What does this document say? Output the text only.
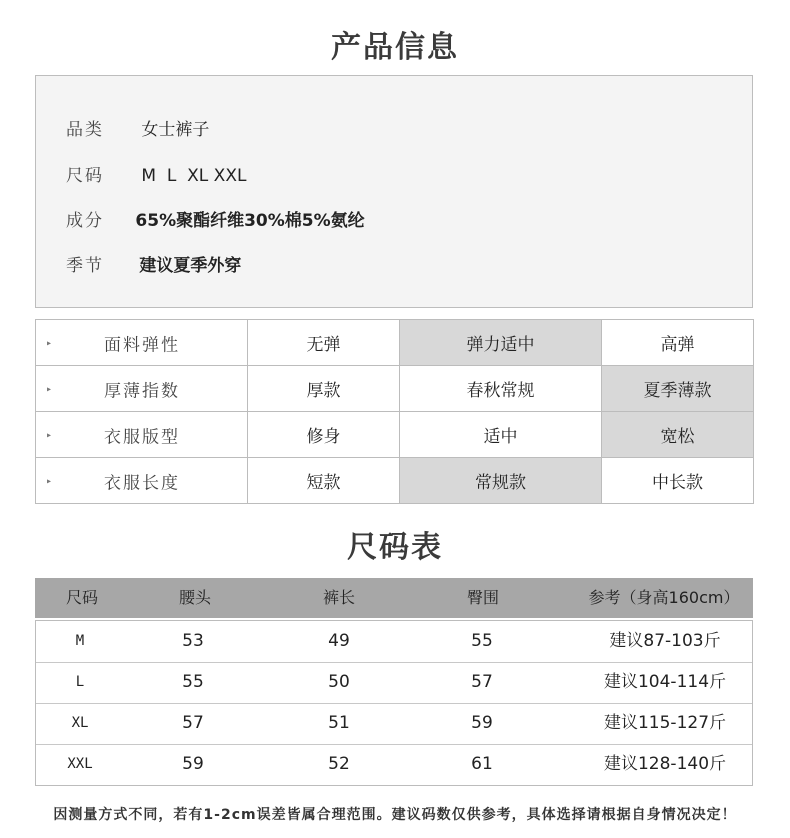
产品信息
品类 女士裤子
尺码 M  L  XL XXL
成分 65%聚酯纤维30%棉5%氨纶
季节 建议夏季外穿
▸ 面料弹性	无弹	弹力适中	高弹

▸ 厚薄指数	厚款	春秋常规	夏季薄款

▸ 衣服版型	修身	适中	宽松

▸ 衣服长度	短款	常规款	中长款
尺码表
尺码	腰头	裤长	臀围	参考（身高160cm）
M	53	49	55	建议87-103斤
L	55	50	57	建议104-114斤
XL	57	51	59	建议115-127斤
XXL	59	52	61	建议128-140斤
因测量方式不同，若有1-2cm误差皆属合理范围。建议码数仅供参考，具体选择请根据自身情况决定！
